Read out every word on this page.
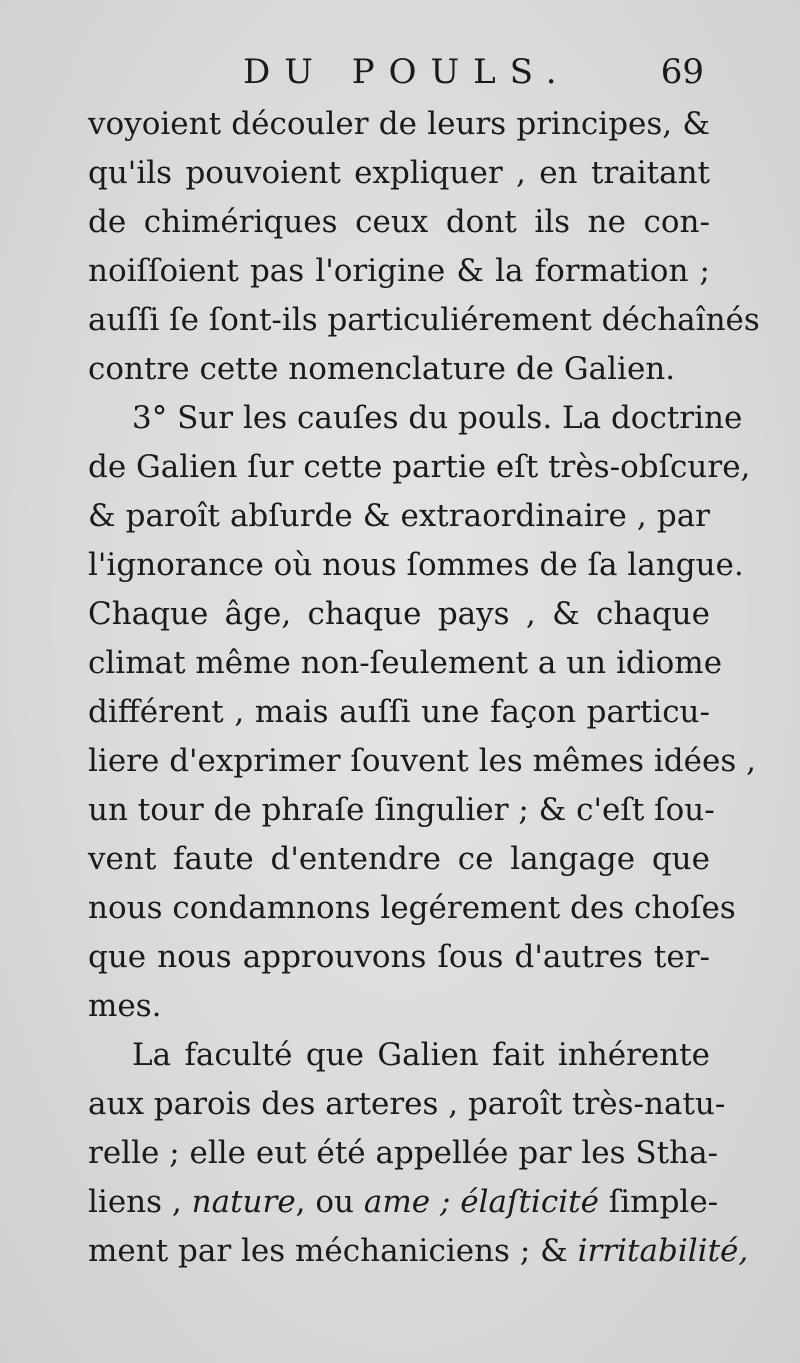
DU POULS.	69
voyoient découler de leurs principes, &
qu'ils pouvoient expliquer , en traitant
de chimériques ceux dont ils ne con-
noiſſoient pas l'origine & la formation ;
auſſi ſe ſont-ils particuliérement déchaînés
contre cette nomenclature de Galien.
3° Sur les cauſes du pouls. La doctrine
de Galien ſur cette partie eſt très-obſcure,
& paroît abſurde & extraordinaire , par
l'ignorance où nous ſommes de ſa langue.
Chaque âge, chaque pays , & chaque
climat même non-ſeulement a un idiome
différent , mais auſſi une façon particu-
liere d'exprimer ſouvent les mêmes idées ,
un tour de phraſe ſingulier ; & c'eſt ſou-
vent faute d'entendre ce langage que
nous condamnons legérement des choſes
que nous approuvons ſous d'autres ter-
mes.
La faculté que Galien fait inhérente
aux parois des arteres , paroît très-natu-
relle ; elle eut été appellée par les Stha-
liens , nature, ou ame ; élaſticité ſimple-
ment par les méchaniciens ; & irritabilité,
